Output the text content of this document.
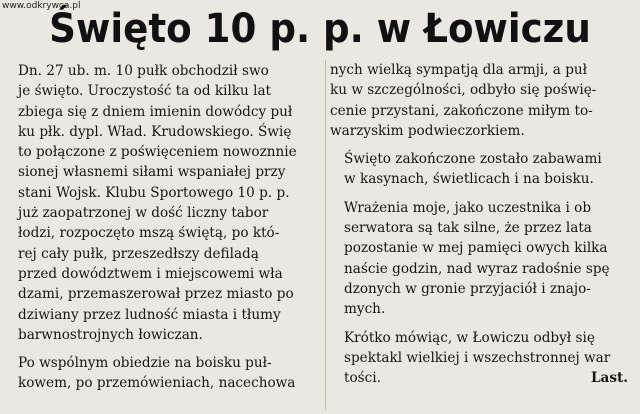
www.odkrywca.pl
Święto 10 p. p. w Łowiczu

Dn. 27 ub. m. 10 pułk obchodził swo
je święto. Uroczystość ta od kilku lat
zbiega się z dniem imienin dowódcy puł
ku płk. dypl. Wład. Krudowskiego. Świę
to połączone z poświęceniem nowoznnie
sionej własnemi siłami wspaniałej przy
stani Wojsk. Klubu Sportowego 10 p. p.
już zaopatrzonej w dość liczny tabor
łodzi, rozpoczęto mszą świętą, po któ-
rej cały pułk, przeszedłszy defiladą
przed dowództwem i miejscowemi wła
dzami, przemaszerował przez miasto po
dziwiany przez ludność miasta i tłumy
barwnostrojnych łowiczan.

Po wspólnym obiedzie na boisku puł-
kowem, po przemówieniach, nacechowa

nych wielką sympatją dla armji, a puł
ku w szczególności, odbyło się poświę-
cenie przystani, zakończone miłym to-
warzyskim podwieczorkiem.

Święto zakończone zostało zabawami
w kasynach, świetlicach i na boisku.

Wrażenia moje, jako uczestnika i ob
serwatora są tak silne, że przez lata
pozostanie w mej pamięci owych kilka
naście godzin, nad wyraz radośnie spę
dzonych w gronie przyjaciół i znajo-
mych.

Krótko mówiąc, w Łowiczu odbył się
spektakl wielkiej i wszechstronnej war
tości.	Last.
